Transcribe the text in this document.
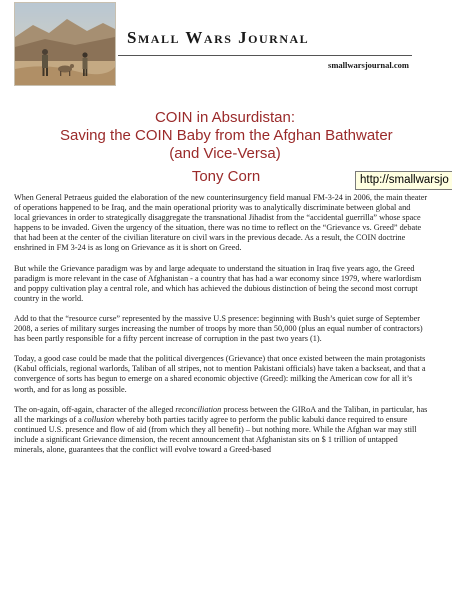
Small Wars Journal
smallwarsjournal.com
COIN in Absurdistan:
Saving the COIN Baby from the Afghan Bathwater
(and Vice-Versa)
Tony Corn	http://smallwarsjo

When General Petraeus guided the elaboration of the new counterinsurgency field manual FM-3-24 in 2006, the main theater of operations happened to be Iraq, and the main operational priority was to analytically discriminate between global and local grievances in order to strategically disaggregate the transnational Jihadist from the “accidental guerrilla” whose space happens to be invaded. Given the urgency of the situation, there was no time to reflect on the “Grievance vs. Greed” debate that had been at the center of the civilian literature on civil wars in the previous decade. As a result, the COIN doctrine enshrined in FM 3-24 is as long on Grievance as it is short on Greed.

But while the Grievance paradigm was by and large adequate to understand the situation in Iraq five years ago, the Greed paradigm is more relevant in the case of Afghanistan - a country that has had a war economy since 1979, where warlordism and poppy cultivation play a central role, and which has achieved the dubious distinction of being the second most corrupt country in the world.

Add to that the “resource curse” represented by the massive U.S presence: beginning with Bush’s quiet surge of September 2008, a series of military surges increasing the number of troops by more than 50,000 (plus an equal number of contractors) has been partly responsible for a fifty percent increase of corruption in the past two years (1).

Today, a good case could be made that the political divergences (Grievance) that once existed between the main protagonists (Kabul officials, regional warlords, Taliban of all stripes, not to mention Pakistani officials) have taken a backseat, and that a convergence of sorts has begun to emerge on a shared economic objective (Greed): milking the American cow for all it’s worth, and for as long as possible.

The on-again, off-again, character of the alleged reconciliation process between the GIRoA and the Taliban, in particular, has all the markings of a collusion whereby both parties tacitly agree to perform the public kabuki dance required to ensure continued U.S. presence and flow of aid (from which they all benefit) – but nothing more. While the Afghan war may still include a significant Grievance dimension, the recent announcement that Afghanistan sits on $ 1 trillion of untapped minerals, alone, guarantees that the conflict will evolve toward a Greed-based
